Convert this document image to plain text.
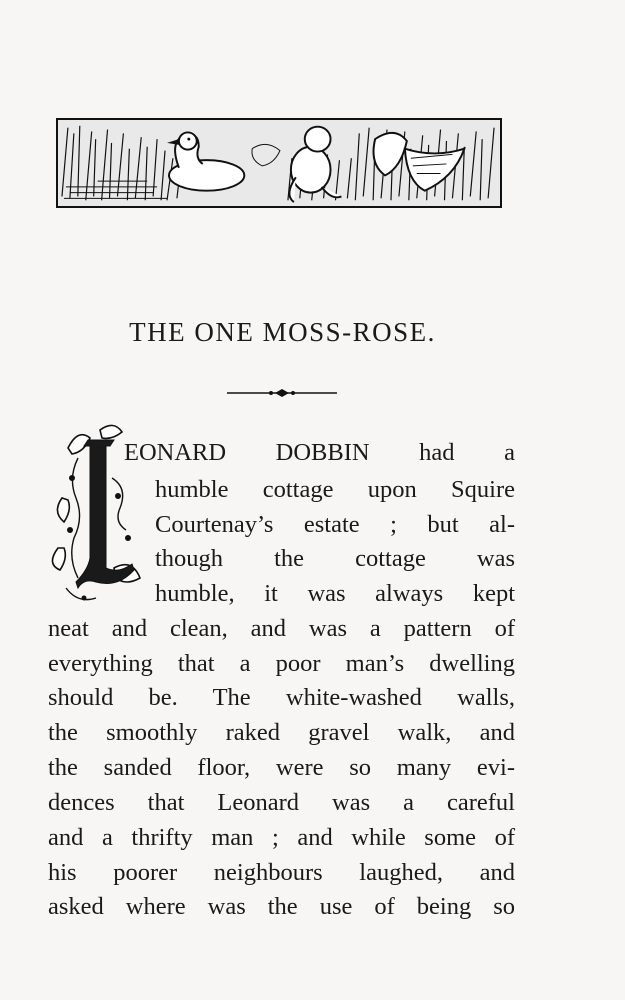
THE ONE MOSS-ROSE.
EONARD DOBBIN had a
humble cottage upon Squire
Courtenay’s estate ; but al-
though the cottage was
humble, it was always kept
neat and clean, and was a pattern of
everything that a poor man’s dwelling
should be. The white-washed walls,
the smoothly raked gravel walk, and
the sanded floor, were so many evi-
dences that Leonard was a careful
and a thrifty man ; and while some of
his poorer neighbours laughed, and
asked where was the use of being so
